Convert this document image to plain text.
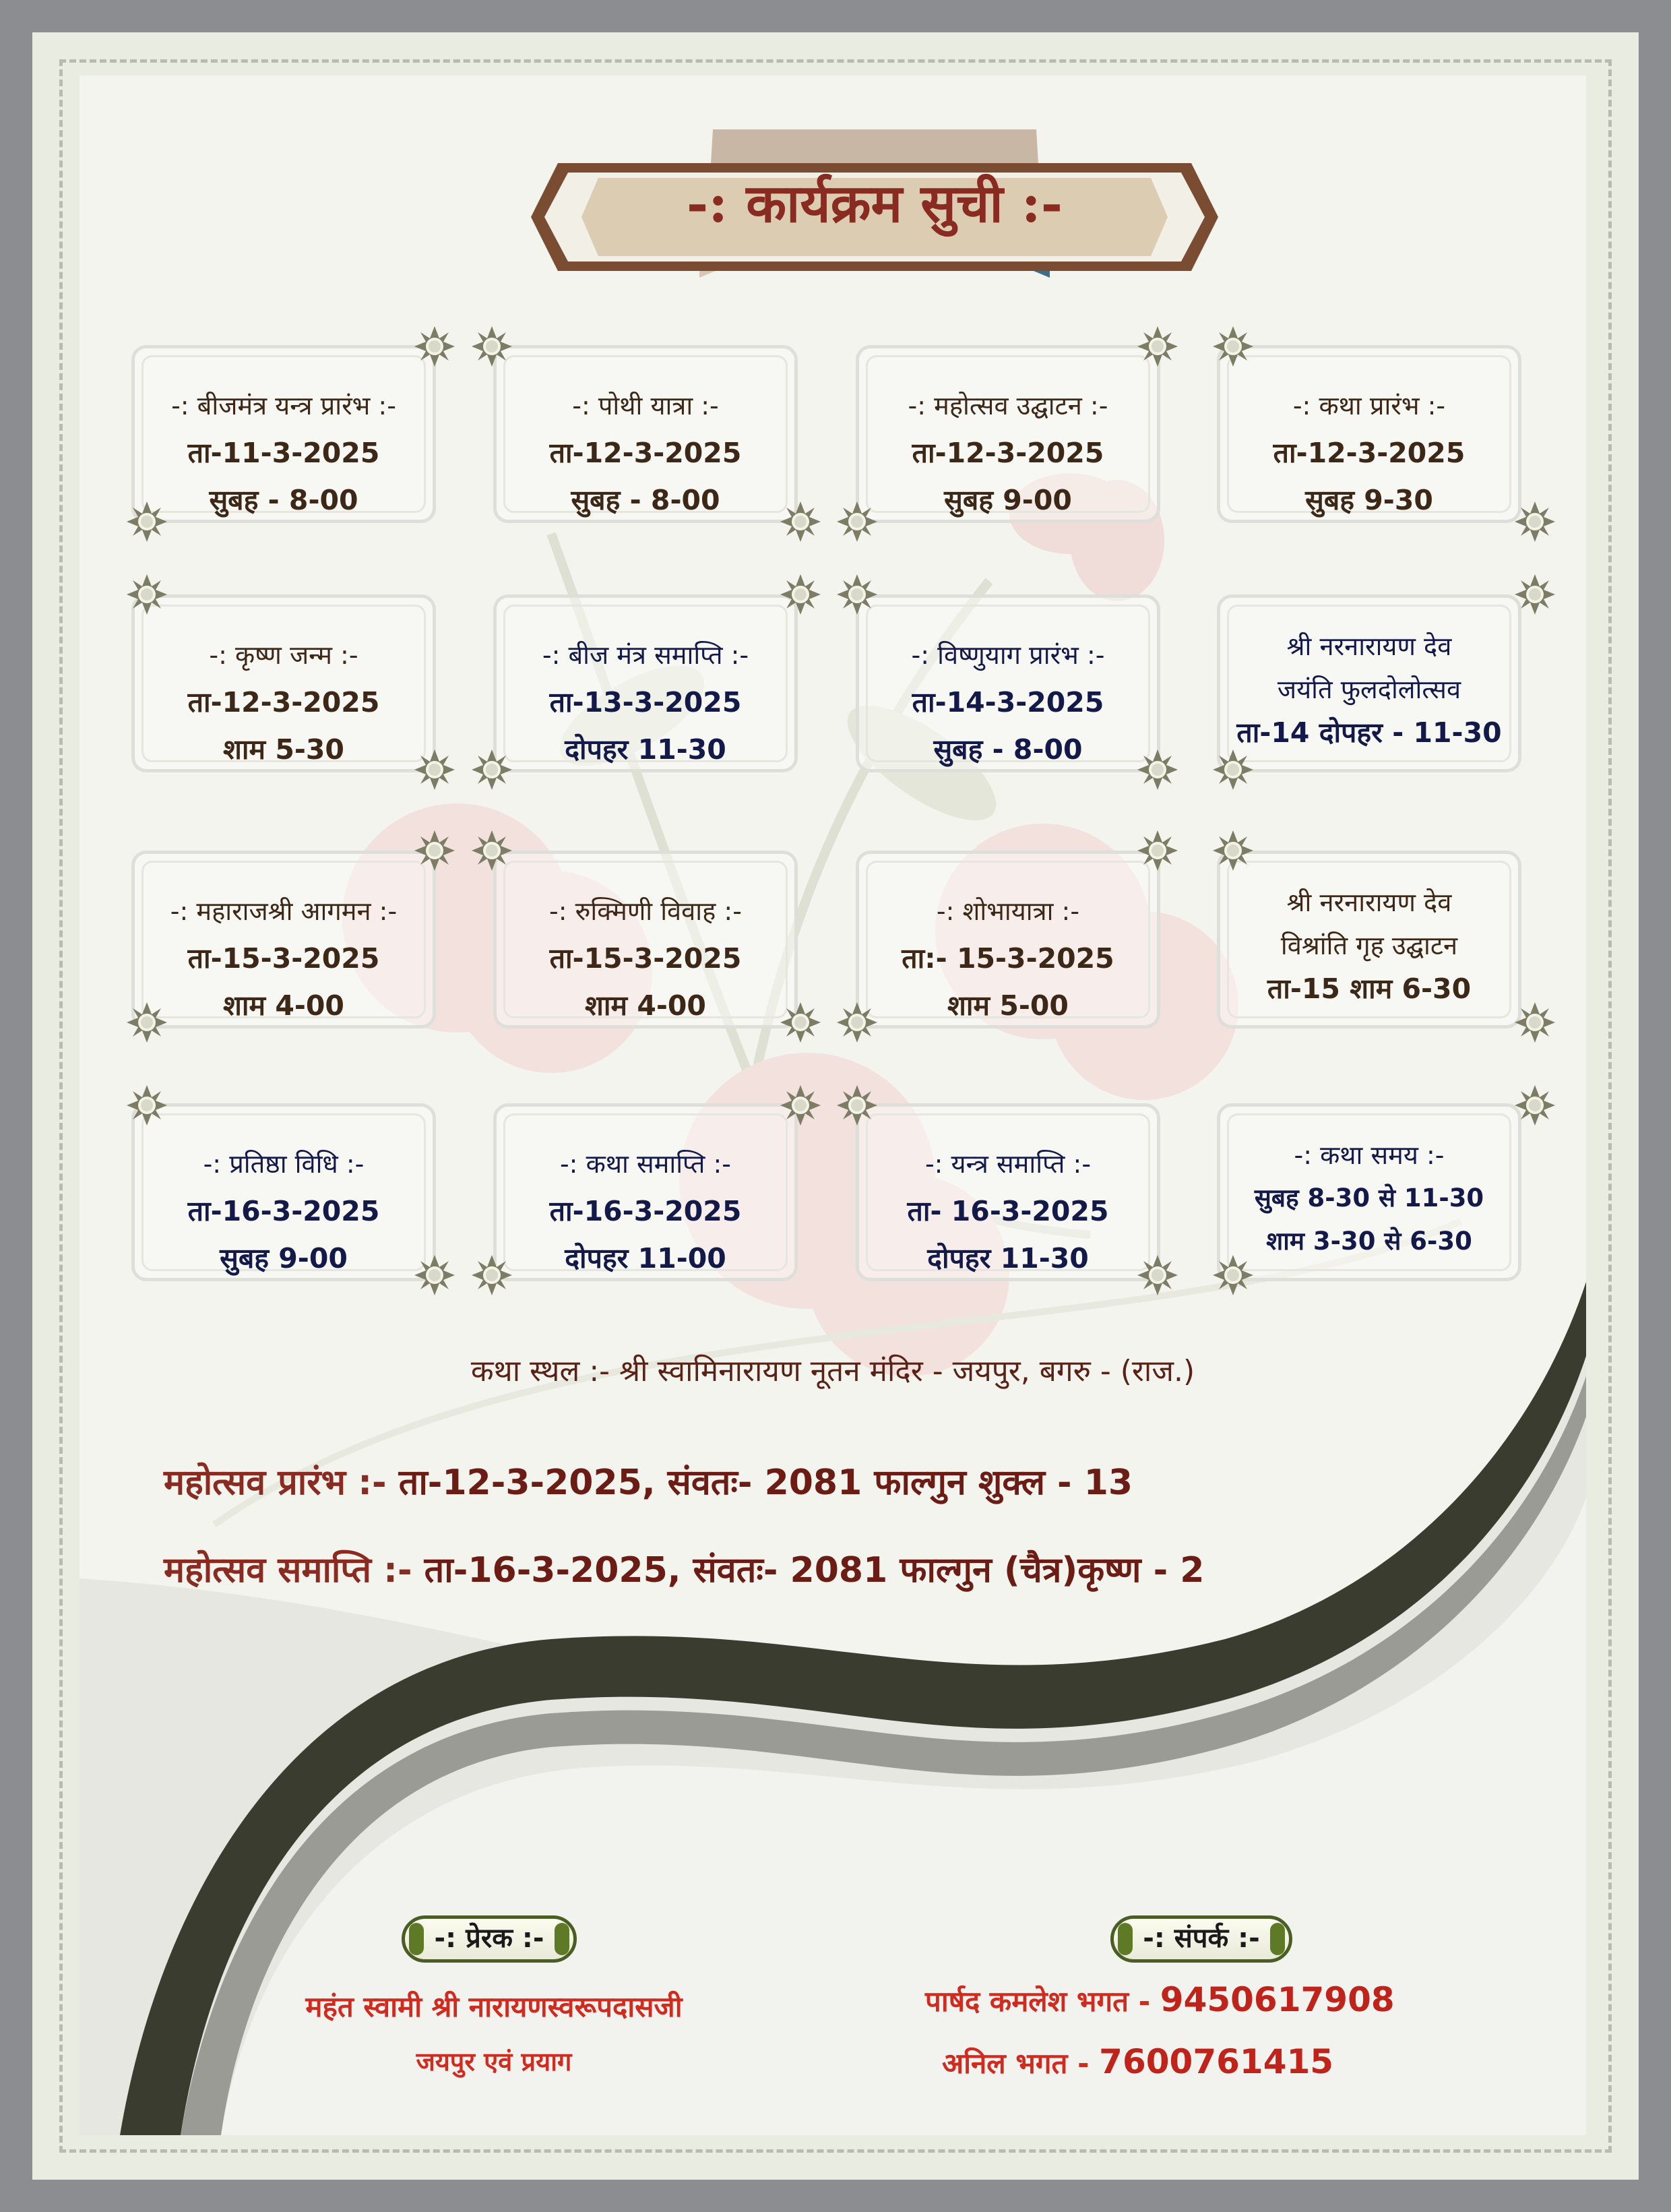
-: कार्यक्रम सुची :-
-: बीजमंत्र यन्त्र प्रारंभ :-
ता-11-3-2025
सुबह - 8-00
-: पोथी यात्रा :-
ता-12-3-2025
सुबह - 8-00
-: महोत्सव उद्घाटन :-
ता-12-3-2025
सुबह 9-00
-: कथा प्रारंभ :-
ता-12-3-2025
सुबह 9-30
-: कृष्ण जन्म :-
ता-12-3-2025
शाम 5-30
-: बीज मंत्र समाप्ति :-
ता-13-3-2025
दोपहर 11-30
-: विष्णुयाग प्रारंभ :-
ता-14-3-2025
सुबह - 8-00
श्री नरनारायण देव
जयंति फुलदोलोत्सव
ता-14 दोपहर - 11-30
-: महाराजश्री आगमन :-
ता-15-3-2025
शाम 4-00
-: रुक्मिणी विवाह :-
ता-15-3-2025
शाम 4-00
-: शोभायात्रा :-
ता:- 15-3-2025
शाम 5-00
श्री नरनारायण देव
विश्रांति गृह उद्घाटन
ता-15 शाम 6-30
-: प्रतिष्ठा विधि :-
ता-16-3-2025
सुबह 9-00
-: कथा समाप्ति :-
ता-16-3-2025
दोपहर 11-00
-: यन्त्र समाप्ति :-
ता- 16-3-2025
दोपहर 11-30
-: कथा समय :-
सुबह 8-30 से 11-30
शाम 3-30 से 6-30
कथा स्थल :- श्री स्वामिनारायण नूतन मंदिर - जयपुर, बगरु - (राज.)
महोत्सव प्रारंभ :- ता-12-3-2025, संवतः- 2081 फाल्गुन शुक्ल - 13
महोत्सव समाप्ति :- ता-16-3-2025, संवतः- 2081 फाल्गुन (चैत्र)कृष्ण - 2
-: प्रेरक :-
महंत स्वामी श्री नारायणस्वरूपदासजी
जयपुर एवं प्रयाग
-: संपर्क :-
पार्षद कमलेश भगत - 9450617908
अनिल भगत - 7600761415
